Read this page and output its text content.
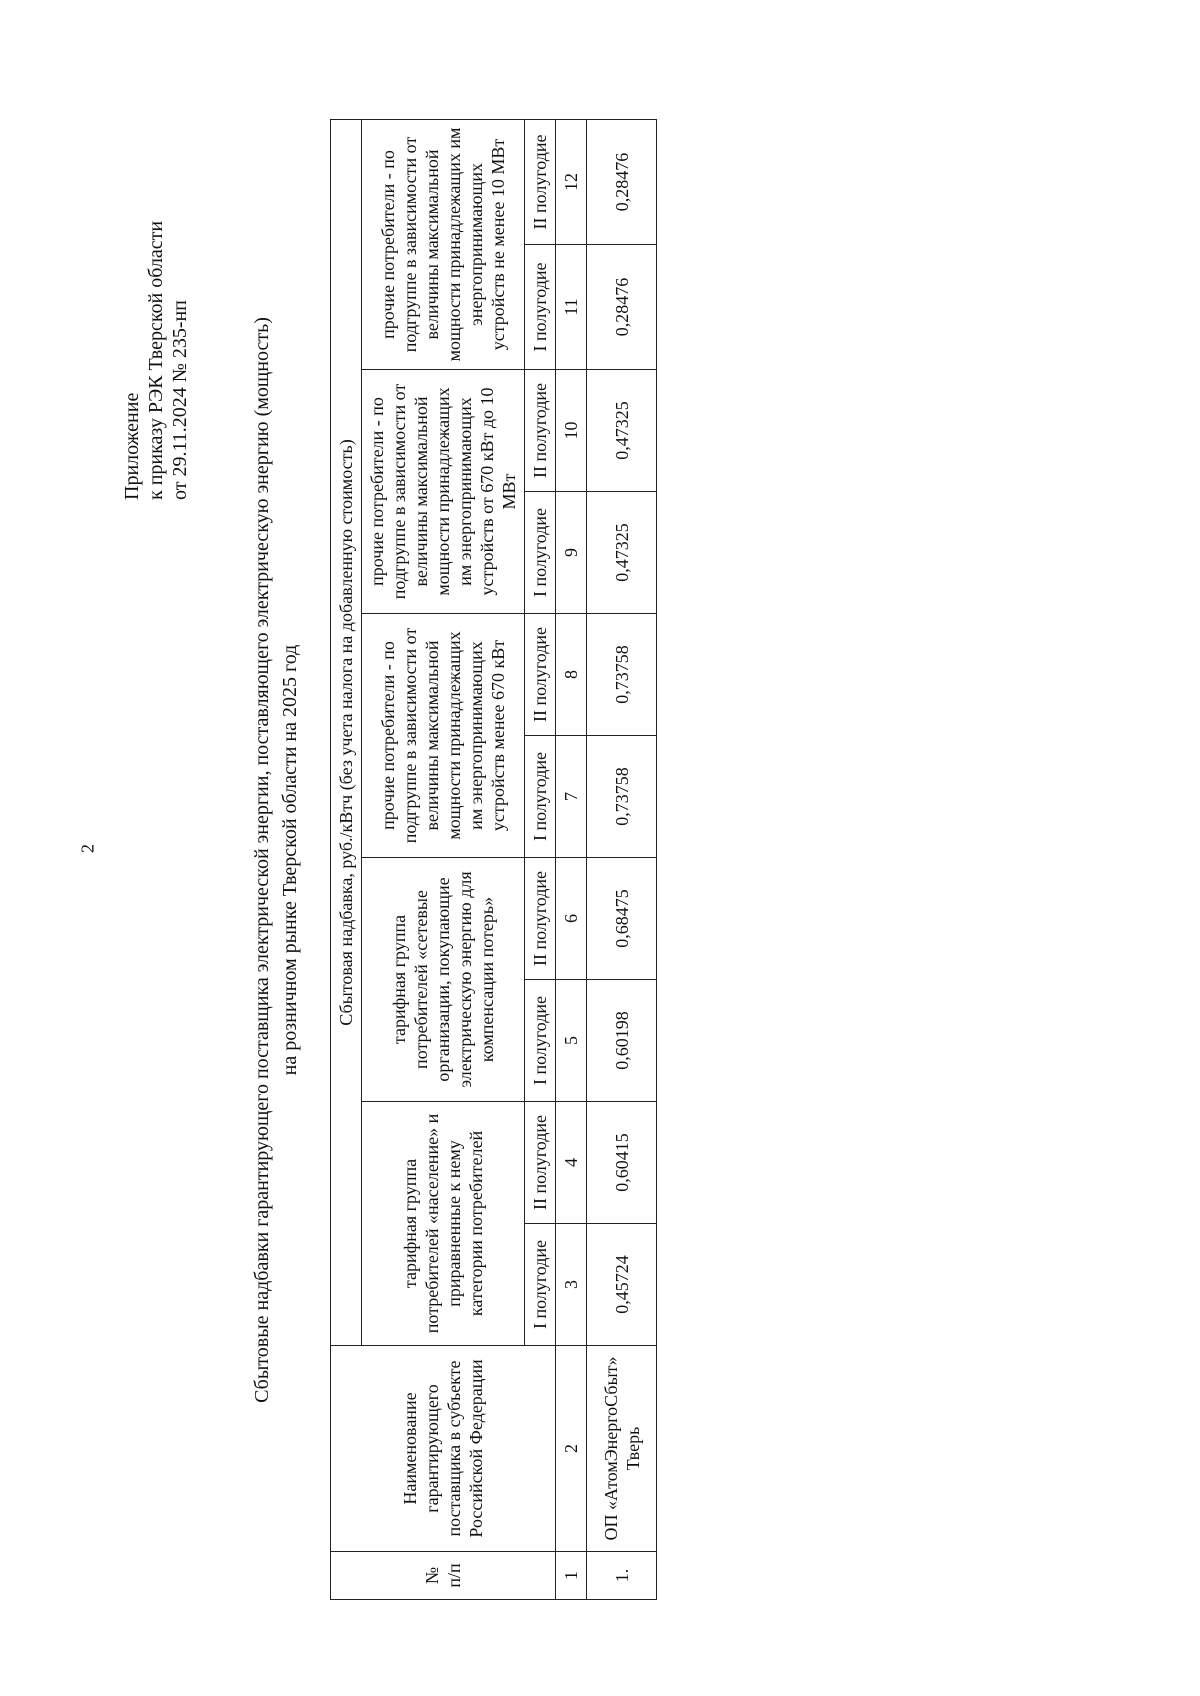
2
Приложение к приказу РЭК Тверской области от 29.11.2024 № 235-нп	Сбытовые надбавки гарантирующего поставщика электрической энергии, поставляющего электрическую энергию (мощность) на розничном рынке Тверской области на 2025 год
№ п/п	Наименование гарантирующего поставщика в субъекте Российской Федерации	Сбытовая надбавка, руб./кВтч (без учета налога на добавленную стоимость)									
		тарифная группа потребителей «население» и приравненные к нему категории потребителей		тарифная группа потребителей «сетевые организации, покупающие электрическую энергию для компенсации потерь»		прочие потребители - по подгруппе в зависимости от величины максимальной мощности принадлежащих им энергопринимающих устройств менее 670 кВт		прочие потребители - по подгруппе в зависимости от величины максимальной мощности принадлежащих им энергопринимающих устройств от 670 кВт до 10 МВт		прочие потребители - по подгруппе в зависимости от величины максимальной мощности принадлежащих им энергопринимающих устройств не менее 10 МВт	
		I полугодие	II полугодие	I полугодие	II полугодие	I полугодие	II полугодие	I полугодие	II полугодие	I полугодие	II полугодие
1	2	3	4	5	6	7	8	9	10	11	12
1.	ОП «АтомЭнергоСбыт» Тверь	0,45724	0,60415	0,60198	0,68475	0,73758	0,73758	0,47325	0,47325	0,28476	0,28476
